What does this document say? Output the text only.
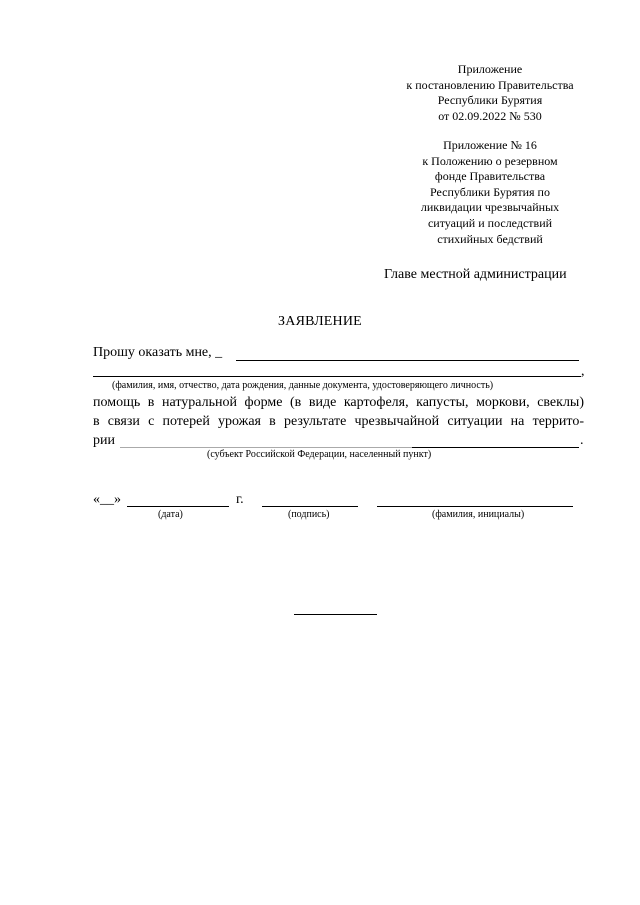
Приложение
к постановлению Правительства
Республики Бурятия
от 02.09.2022 № 530
Приложение № 16
к Положению о резервном
фонде Правительства
Республики Бурятия по
ликвидации чрезвычайных
ситуаций и последствий
стихийных бедствий
Главе местной администрации
ЗАЯВЛЕНИЕ
Прошу оказать мне, _
,
(фамилия, имя, отчество, дата рождения, данные документа, удостоверяющего личность)
помощь в натуральной форме (в виде картофеля, капусты, моркови, свеклы)
в связи с потерей урожая в результате чрезвычайной ситуации на террито-
рии	.
(субъект Российской Федерации, населенный пункт)
«__»	г.
(дата)	(подпись)	(фамилия, инициалы)
